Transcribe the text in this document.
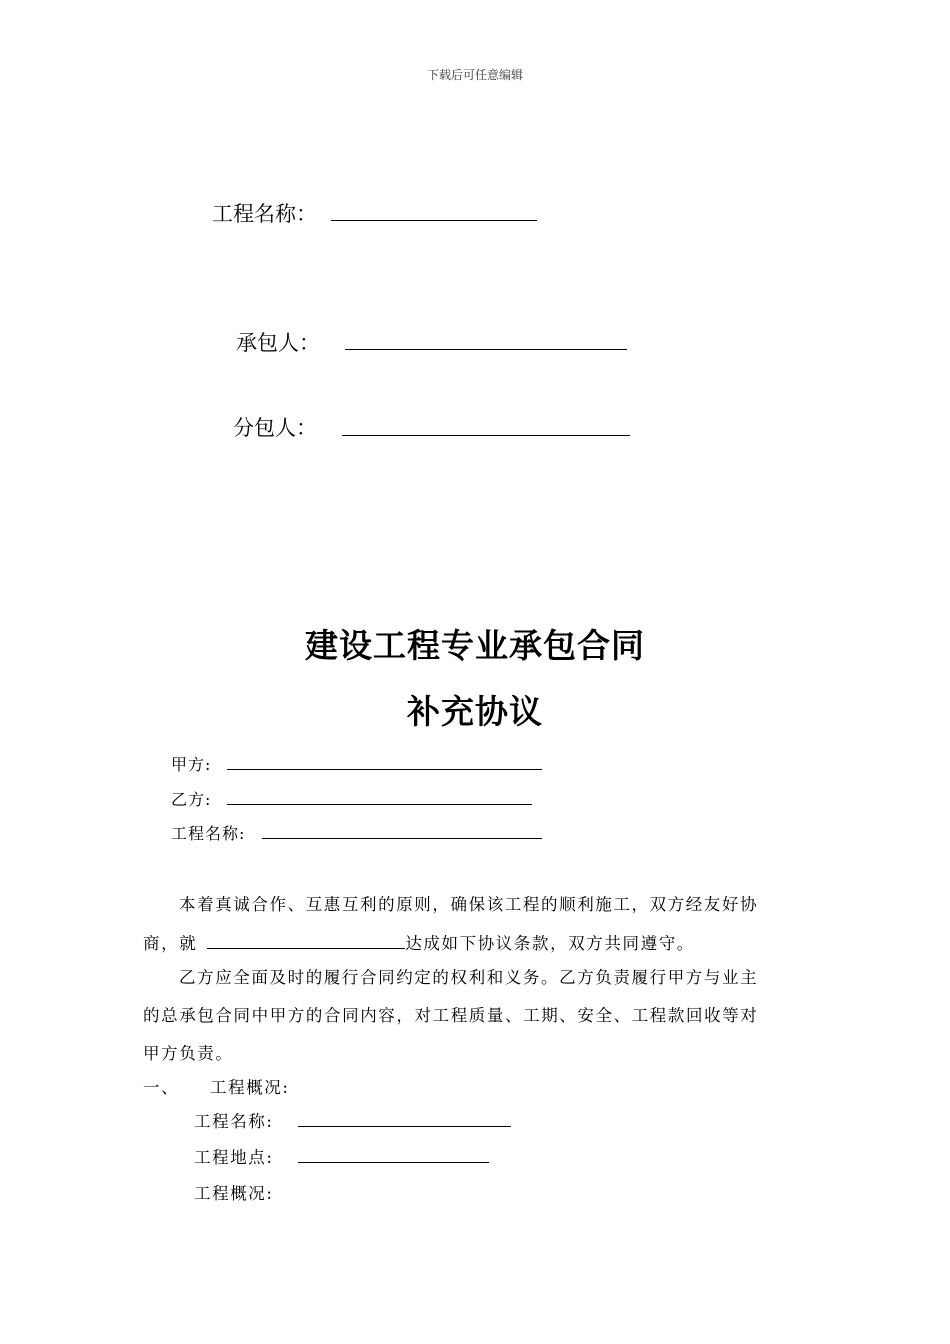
下载后可任意编辑
工程名称：
承包人：
分包人：
建设工程专业承包合同
补充协议
甲方:
乙方:
工程名称:
本着真诚合作、互惠互利的原则，确保该工程的顺利施工，双方经友好协
商，就	达成如下协议条款，双方共同遵守。
乙方应全面及时的履行合同约定的权利和义务。乙方负责履行甲方与业主
的总承包合同中甲方的合同内容，对工程质量、工期、安全、工程款回收等对
甲方负责。
一、 工程概况:
工程名称:
工程地点:
工程概况:
